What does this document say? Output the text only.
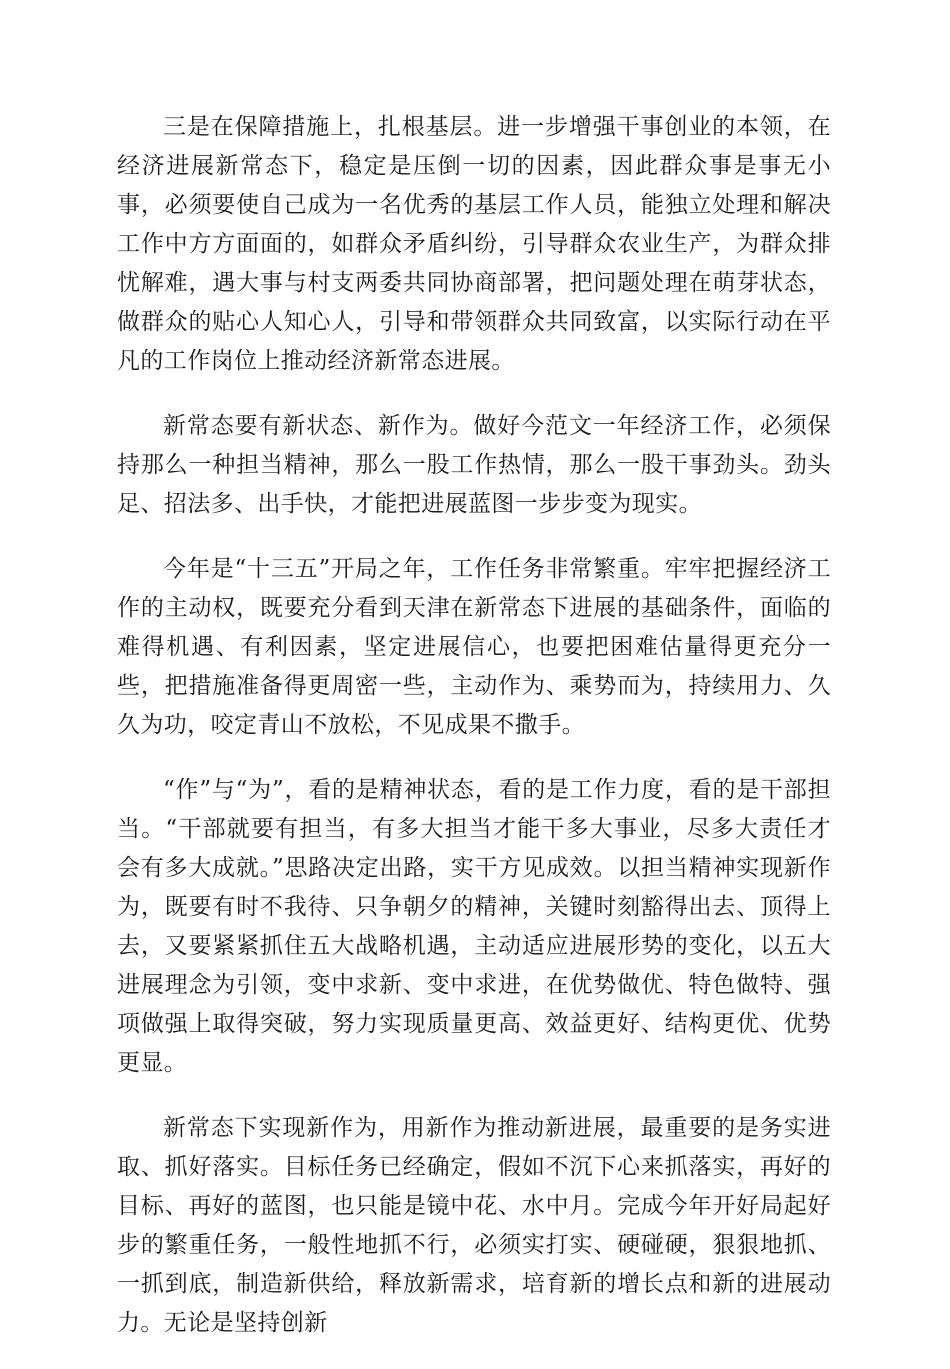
三是在保障措施上，扎根基层。进一步增强干事创业的本领，在经济进展新常态下，稳定是压倒一切的因素，因此群众事是事无小事，必须要使自己成为一名优秀的基层工作人员，能独立处理和解决工作中方方面面的，如群众矛盾纠纷，引导群众农业生产，为群众排忧解难，遇大事与村支两委共同协商部署，把问题处理在萌芽状态，做群众的贴心人知心人，引导和带领群众共同致富，以实际行动在平凡的工作岗位上推动经济新常态进展。

新常态要有新状态、新作为。做好今范文一年经济工作，必须保持那么一种担当精神，那么一股工作热情，那么一股干事劲头。劲头足、招法多、出手快，才能把进展蓝图一步步变为现实。

今年是“十三五”开局之年，工作任务非常繁重。牢牢把握经济工作的主动权，既要充分看到天津在新常态下进展的基础条件，面临的难得机遇、有利因素，坚定进展信心，也要把困难估量得更充分一些，把措施准备得更周密一些，主动作为、乘势而为，持续用力、久久为功，咬定青山不放松，不见成果不撒手。

“作”与“为”，看的是精神状态，看的是工作力度，看的是干部担当。“干部就要有担当，有多大担当才能干多大事业，尽多大责任才会有多大成就。”思路决定出路，实干方见成效。以担当精神实现新作为，既要有时不我待、只争朝夕的精神，关键时刻豁得出去、顶得上去，又要紧紧抓住五大战略机遇，主动适应进展形势的变化，以五大进展理念为引领，变中求新、变中求进，在优势做优、特色做特、强项做强上取得突破，努力实现质量更高、效益更好、结构更优、优势更显。

新常态下实现新作为，用新作为推动新进展，最重要的是务实进取、抓好落实。目标任务已经确定，假如不沉下心来抓落实，再好的目标、再好的蓝图，也只能是镜中花、水中月。完成今年开好局起好步的繁重任务，一般性地抓不行，必须实打实、硬碰硬，狠狠地抓、一抓到底，制造新供给，释放新需求，培育新的增长点和新的进展动力。无论是坚持创新
